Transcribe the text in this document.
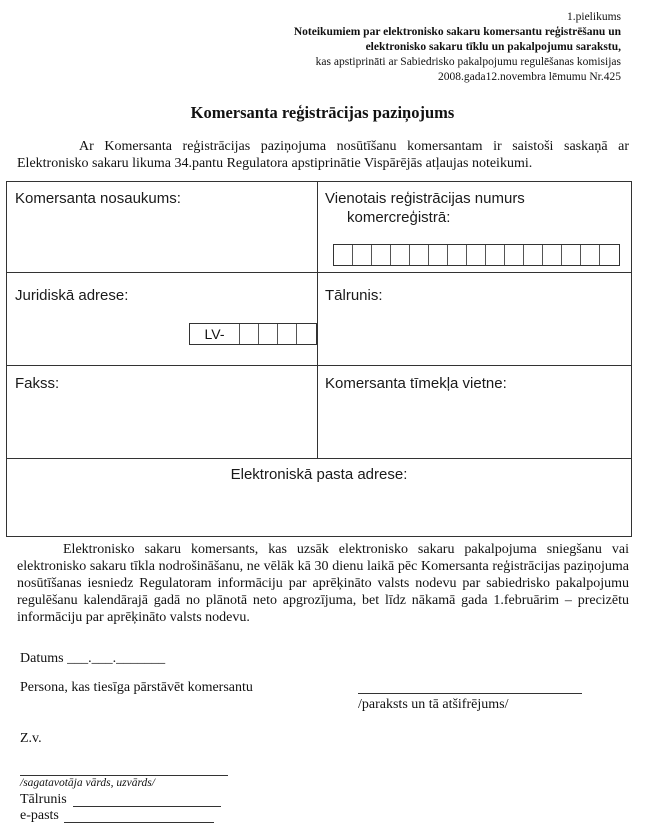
1.pielikums
Noteikumiem par elektronisko sakaru komersantu reģistrēšanu un
elektronisko sakaru tīklu un pakalpojumu sarakstu,
kas apstiprināti ar Sabiedrisko pakalpojumu regulēšanas komisijas
2008.gada12.novembra lēmumu Nr.425
Komersanta reģistrācijas paziņojums
Ar Komersanta reģistrācijas paziņojuma nosūtīšanu komersantam ir saistoši saskaņā ar Elektronisko sakaru likuma 34.pantu Regulatora apstiprinātie Vispārējās atļaujas noteikumi.
Komersanta nosaukums:	Vienotais reģistrācijas numurs
komercreģistrā:
Juridiskā adrese:
LV-
Tālrunis:
Fakss:	Komersanta tīmekļa vietne:
Elektroniskā pasta adrese:
Elektronisko sakaru komersants, kas uzsāk elektronisko sakaru pakalpojuma sniegšanu vai elektronisko sakaru tīkla nodrošināšanu, ne vēlāk kā 30 dienu laikā pēc Komersanta reģistrācijas paziņojuma nosūtīšanas iesniedz Regulatoram informāciju par aprēķināto valsts nodevu par sabiedrisko pakalpojumu regulēšanu kalendārajā gadā no plānotā neto apgrozījuma, bet līdz nākamā gada 1.februārim – precizētu informāciju par aprēķināto valsts nodevu.
Datums ___.___._______
Persona, kas tiesīga pārstāvēt komersantu
/paraksts un tā atšifrējums/
Z.v.
/sagatavotāja vārds, uzvārds/
Tālrunis
e-pasts
